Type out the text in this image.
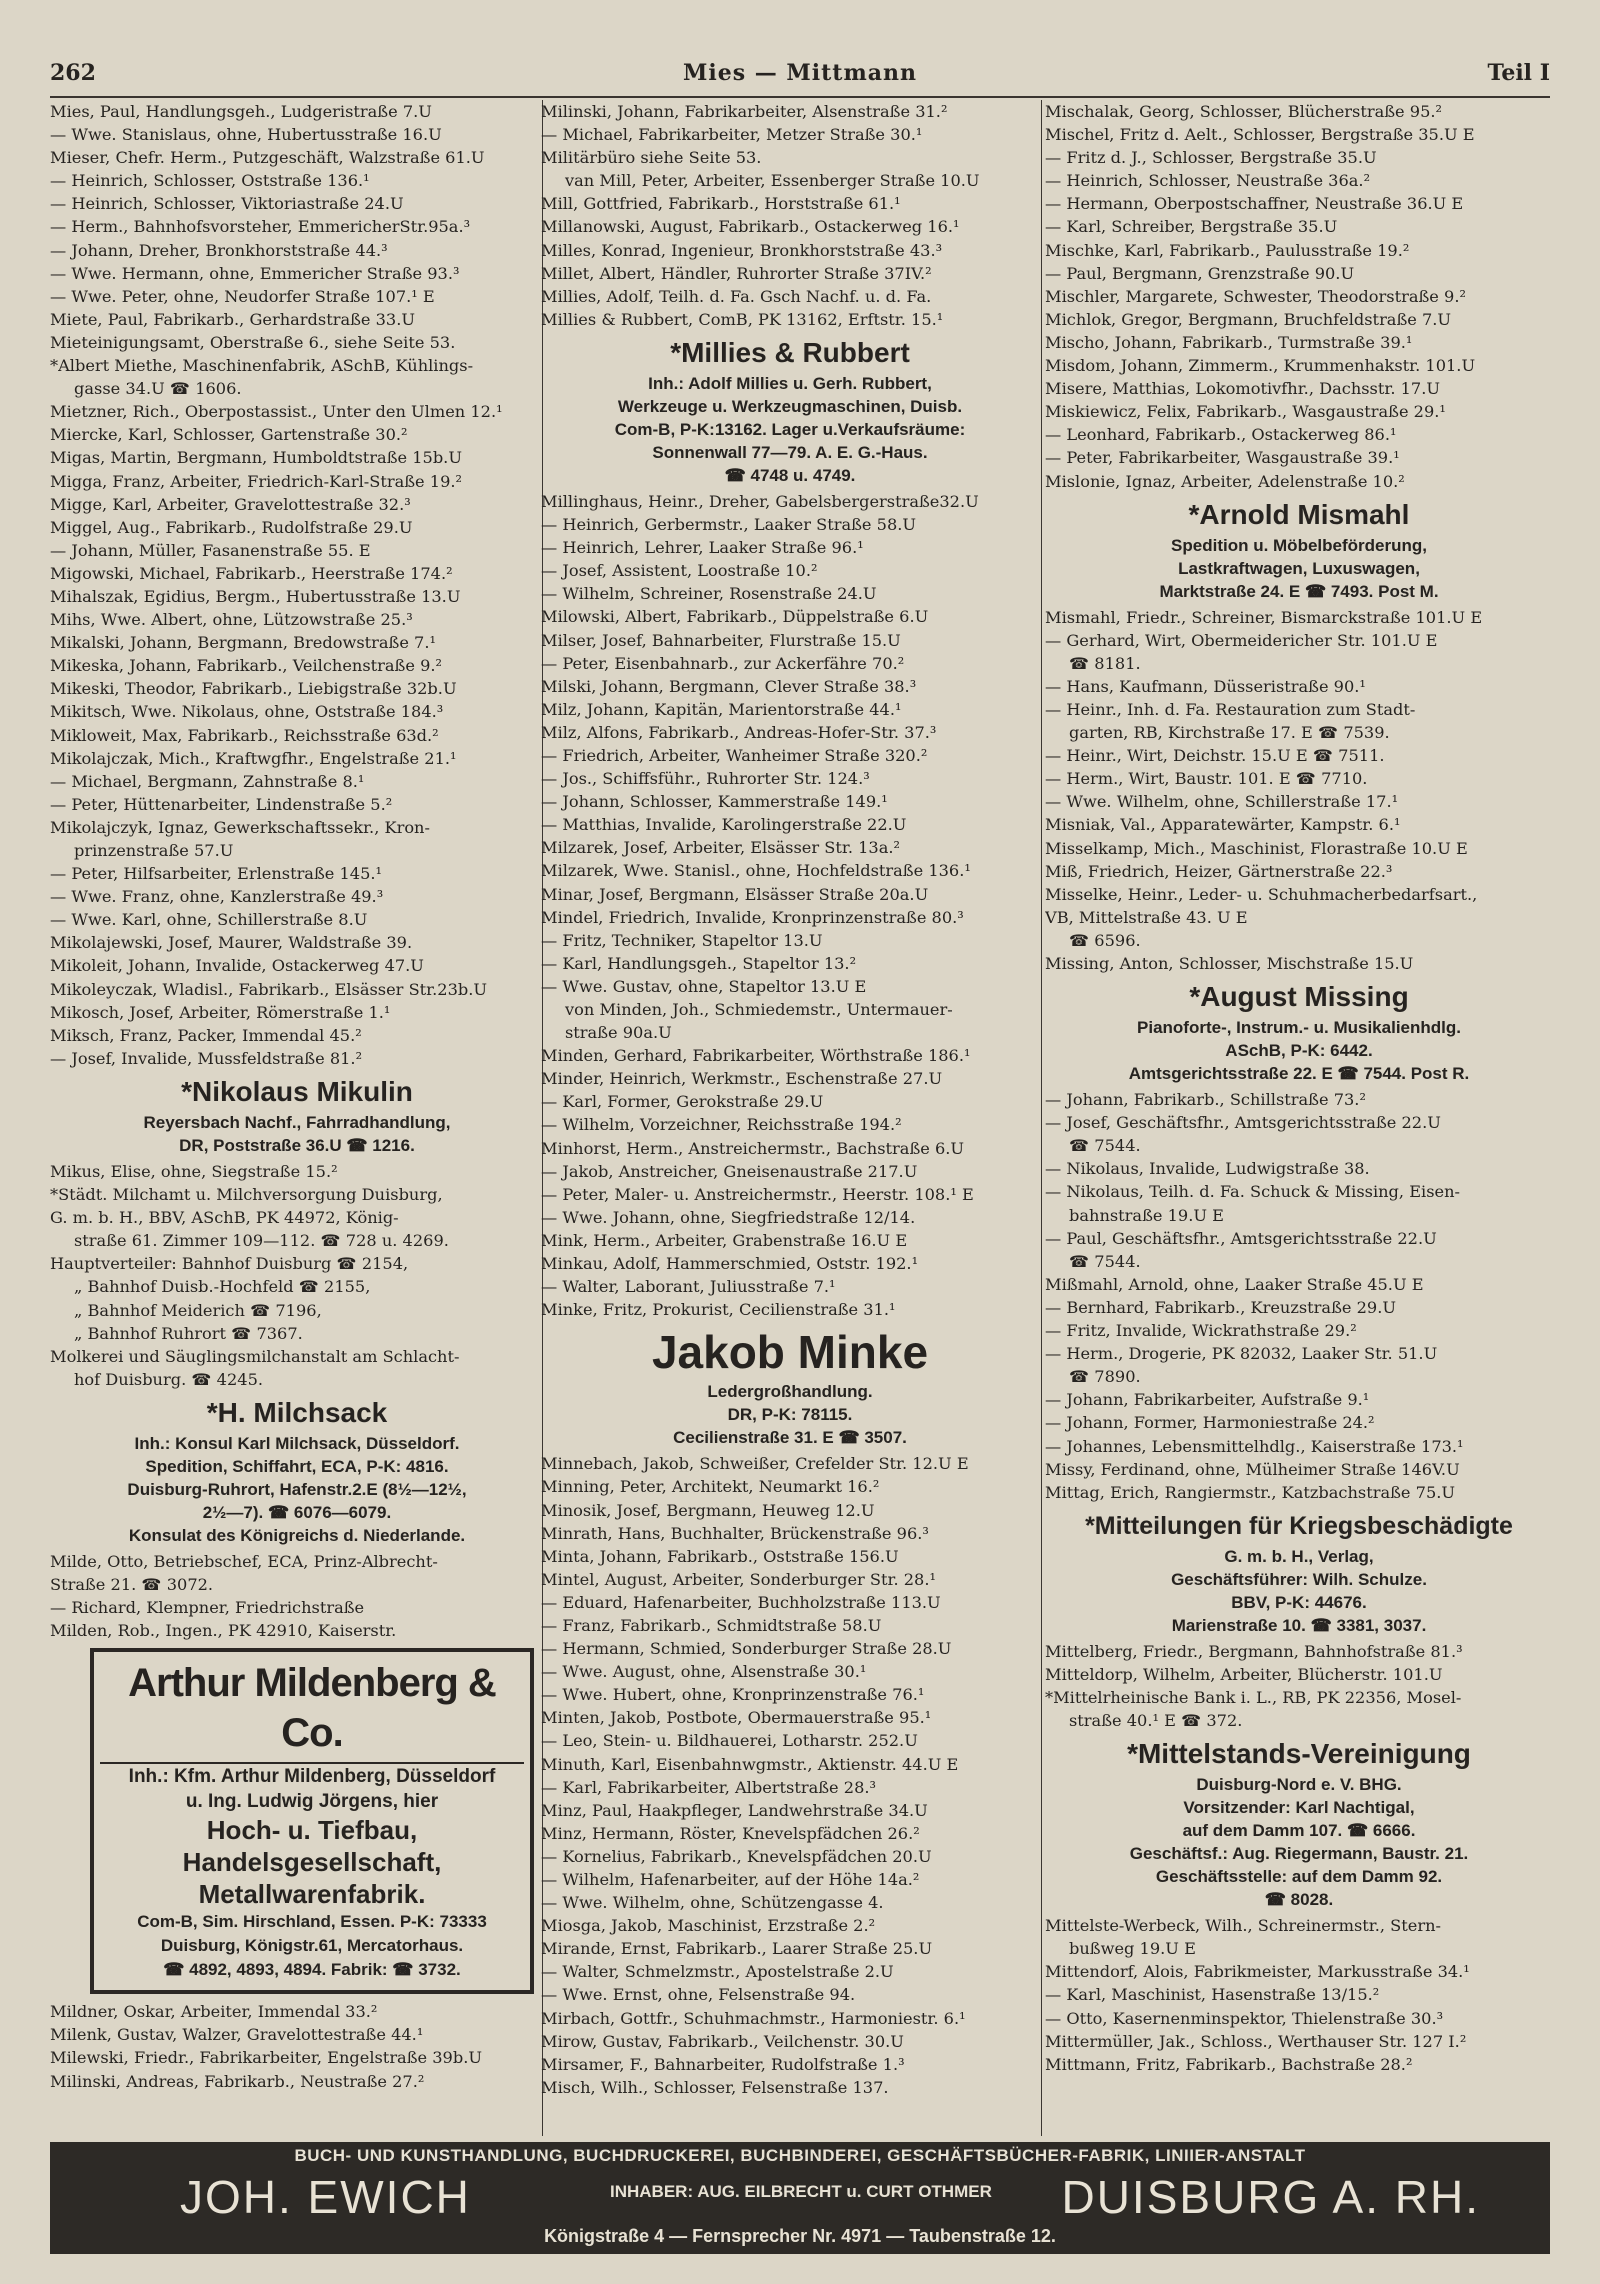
262	Mies — Mittmann	Teil I
Mies, Paul, Handlungsgeh., Ludgeristraße 7.U
— Wwe. Stanislaus, ohne, Hubertusstraße 16.U
Mieser, Chefr. Herm., Putzgeschäft, Walzstraße 61.U
— Heinrich, Schlosser, Oststraße 136.¹
— Heinrich, Schlosser, Viktoriastraße 24.U
— Herm., Bahnhofsvorsteher, EmmericherStr.95a.³
— Johann, Dreher, Bronkhorststraße 44.³
— Wwe. Hermann, ohne, Emmericher Straße 93.³
— Wwe. Peter, ohne, Neudorfer Straße 107.¹ E
Miete, Paul, Fabrikarb., Gerhardstraße 33.U
Mieteinigungsamt, Oberstraße 6., siehe Seite 53.
*Albert Miethe, Maschinenfabrik, ASchB, Kühlings-
gasse 34.U ☎ 1606.
Mietzner, Rich., Oberpostassist., Unter den Ulmen 12.¹
Miercke, Karl, Schlosser, Gartenstraße 30.²
Migas, Martin, Bergmann, Humboldtstraße 15b.U
Migga, Franz, Arbeiter, Friedrich-Karl-Straße 19.²
Migge, Karl, Arbeiter, Gravelottestraße 32.³
Miggel, Aug., Fabrikarb., Rudolfstraße 29.U
— Johann, Müller, Fasanenstraße 55. E
Migowski, Michael, Fabrikarb., Heerstraße 174.²
Mihalszak, Egidius, Bergm., Hubertusstraße 13.U
Mihs, Wwe. Albert, ohne, Lützowstraße 25.³
Mikalski, Johann, Bergmann, Bredowstraße 7.¹
Mikeska, Johann, Fabrikarb., Veilchenstraße 9.²
Mikeski, Theodor, Fabrikarb., Liebigstraße 32b.U
Mikitsch, Wwe. Nikolaus, ohne, Oststraße 184.³
Mikloweit, Max, Fabrikarb., Reichsstraße 63d.²
Mikolajczak, Mich., Kraftwgfhr., Engelstraße 21.¹
— Michael, Bergmann, Zahnstraße 8.¹
— Peter, Hüttenarbeiter, Lindenstraße 5.²
Mikolajczyk, Ignaz, Gewerkschaftssekr., Kron-
prinzenstraße 57.U
— Peter, Hilfsarbeiter, Erlenstraße 145.¹
— Wwe. Franz, ohne, Kanzlerstraße 49.³
— Wwe. Karl, ohne, Schillerstraße 8.U
Mikolajewski, Josef, Maurer, Waldstraße 39.
Mikoleit, Johann, Invalide, Ostackerweg 47.U
Mikoleyczak, Wladisl., Fabrikarb., Elsässer Str.23b.U
Mikosch, Josef, Arbeiter, Römerstraße 1.¹
Miksch, Franz, Packer, Immendal 45.²
— Josef, Invalide, Mussfeldstraße 81.²
*Nikolaus Mikulin
Reyersbach Nachf., Fahrradhandlung,
DR, Poststraße 36.U ☎ 1216.
Mikus, Elise, ohne, Siegstraße 15.²
*Städt. Milchamt u. Milchversorgung Duisburg,
G. m. b. H., BBV, ASchB, PK 44972, König-
straße 61. Zimmer 109—112. ☎ 728 u. 4269.
Hauptverteiler: Bahnhof Duisburg ☎ 2154,
„ Bahnhof Duisb.-Hochfeld ☎ 2155,
„ Bahnhof Meiderich ☎ 7196,
„ Bahnhof Ruhrort ☎ 7367.
Molkerei und Säuglingsmilchanstalt am Schlacht-
hof Duisburg. ☎ 4245.
*H. Milchsack
Inh.: Konsul Karl Milchsack, Düsseldorf.
Spedition, Schiffahrt, ECA, P-K: 4816.
Duisburg-Ruhrort, Hafenstr.2.E (8½—12½,
2½—7). ☎ 6076—6079.
Konsulat des Königreichs d. Niederlande.
Milde, Otto, Betriebschef, ECA, Prinz-Albrecht-
Straße 21. ☎ 3072.
— Richard, Klempner, Friedrichstraße
Milden, Rob., Ingen., PK 42910, Kaiserstr.
Arthur Mildenberg & Co.
Inh.: Kfm. Arthur Mildenberg, Düsseldorf
u. Ing. Ludwig Jörgens, hier
Hoch- u. Tiefbau,
Handelsgesellschaft,
Metallwarenfabrik.
Com-B, Sim. Hirschland, Essen. P-K: 73333
Duisburg, Königstr.61, Mercatorhaus.
☎ 4892, 4893, 4894. Fabrik: ☎ 3732.
Mildner, Oskar, Arbeiter, Immendal 33.²
Milenk, Gustav, Walzer, Gravelottestraße 44.¹
Milewski, Friedr., Fabrikarbeiter, Engelstraße 39b.U
Milinski, Andreas, Fabrikarb., Neustraße 27.²
Milinski, Johann, Fabrikarbeiter, Alsenstraße 31.²
— Michael, Fabrikarbeiter, Metzer Straße 30.¹
Militärbüro siehe Seite 53.
van Mill, Peter, Arbeiter, Essenberger Straße 10.U
Mill, Gottfried, Fabrikarb., Horststraße 61.¹
Millanowski, August, Fabrikarb., Ostackerweg 16.¹
Milles, Konrad, Ingenieur, Bronkhorststraße 43.³
Millet, Albert, Händler, Ruhrorter Straße 37IV.²
Millies, Adolf, Teilh. d. Fa. Gsch Nachf. u. d. Fa.
Millies & Rubbert, ComB, PK 13162, Erftstr. 15.¹
*Millies & Rubbert
Inh.: Adolf Millies u. Gerh. Rubbert,
Werkzeuge u. Werkzeugmaschinen, Duisb.
Com-B, P-K:13162. Lager u.Verkaufsräume:
Sonnenwall 77—79. A. E. G.-Haus.
☎ 4748 u. 4749.
Millinghaus, Heinr., Dreher, Gabelsbergerstraße32.U
— Heinrich, Gerbermstr., Laaker Straße 58.U
— Heinrich, Lehrer, Laaker Straße 96.¹
— Josef, Assistent, Loostraße 10.²
— Wilhelm, Schreiner, Rosenstraße 24.U
Milowski, Albert, Fabrikarb., Düppelstraße 6.U
Milser, Josef, Bahnarbeiter, Flurstraße 15.U
— Peter, Eisenbahnarb., zur Ackerfähre 70.²
Milski, Johann, Bergmann, Clever Straße 38.³
Milz, Johann, Kapitän, Marientorstraße 44.¹
Milz, Alfons, Fabrikarb., Andreas-Hofer-Str. 37.³
— Friedrich, Arbeiter, Wanheimer Straße 320.²
— Jos., Schiffsführ., Ruhrorter Str. 124.³
— Johann, Schlosser, Kammerstraße 149.¹
— Matthias, Invalide, Karolingerstraße 22.U
Milzarek, Josef, Arbeiter, Elsässer Str. 13a.²
Milzarek, Wwe. Stanisl., ohne, Hochfeldstraße 136.¹
Minar, Josef, Bergmann, Elsässer Straße 20a.U
Mindel, Friedrich, Invalide, Kronprinzenstraße 80.³
— Fritz, Techniker, Stapeltor 13.U
— Karl, Handlungsgeh., Stapeltor 13.²
— Wwe. Gustav, ohne, Stapeltor 13.U E
von Minden, Joh., Schmiedemstr., Untermauer-
straße 90a.U
Minden, Gerhard, Fabrikarbeiter, Wörthstraße 186.¹
Minder, Heinrich, Werkmstr., Eschenstraße 27.U
— Karl, Former, Gerokstraße 29.U
— Wilhelm, Vorzeichner, Reichsstraße 194.²
Minhorst, Herm., Anstreichermstr., Bachstraße 6.U
— Jakob, Anstreicher, Gneisenaustraße 217.U
— Peter, Maler- u. Anstreichermstr., Heerstr. 108.¹ E
— Wwe. Johann, ohne, Siegfriedstraße 12/14.
Mink, Herm., Arbeiter, Grabenstraße 16.U E
Minkau, Adolf, Hammerschmied, Oststr. 192.¹
— Walter, Laborant, Juliusstraße 7.¹
Minke, Fritz, Prokurist, Cecilienstraße 31.¹
Jakob Minke
Ledergroßhandlung.
DR, P-K: 78115.
Cecilienstraße 31. E ☎ 3507.
Minnebach, Jakob, Schweißer, Crefelder Str. 12.U E
Minning, Peter, Architekt, Neumarkt 16.²
Minosik, Josef, Bergmann, Heuweg 12.U
Minrath, Hans, Buchhalter, Brückenstraße 96.³
Minta, Johann, Fabrikarb., Oststraße 156.U
Mintel, August, Arbeiter, Sonderburger Str. 28.¹
— Eduard, Hafenarbeiter, Buchholzstraße 113.U
— Franz, Fabrikarb., Schmidtstraße 58.U
— Hermann, Schmied, Sonderburger Straße 28.U
— Wwe. August, ohne, Alsenstraße 30.¹
— Wwe. Hubert, ohne, Kronprinzenstraße 76.¹
Minten, Jakob, Postbote, Obermauerstraße 95.¹
— Leo, Stein- u. Bildhauerei, Lotharstr. 252.U
Minuth, Karl, Eisenbahnwgmstr., Aktienstr. 44.U E
— Karl, Fabrikarbeiter, Albertstraße 28.³
Minz, Paul, Haakpfleger, Landwehrstraße 34.U
Minz, Hermann, Röster, Knevelspfädchen 26.²
— Kornelius, Fabrikarb., Knevelspfädchen 20.U
— Wilhelm, Hafenarbeiter, auf der Höhe 14a.²
— Wwe. Wilhelm, ohne, Schützengasse 4.
Miosga, Jakob, Maschinist, Erzstraße 2.²
Mirande, Ernst, Fabrikarb., Laarer Straße 25.U
— Walter, Schmelzmstr., Apostelstraße 2.U
— Wwe. Ernst, ohne, Felsenstraße 94.
Mirbach, Gottfr., Schuhmachmstr., Harmoniestr. 6.¹
Mirow, Gustav, Fabrikarb., Veilchenstr. 30.U
Mirsamer, F., Bahnarbeiter, Rudolfstraße 1.³
Misch, Wilh., Schlosser, Felsenstraße 137.
Mischalak, Georg, Schlosser, Blücherstraße 95.²
Mischel, Fritz d. Aelt., Schlosser, Bergstraße 35.U E
— Fritz d. J., Schlosser, Bergstraße 35.U
— Heinrich, Schlosser, Neustraße 36a.²
— Hermann, Oberpostschaffner, Neustraße 36.U E
— Karl, Schreiber, Bergstraße 35.U
Mischke, Karl, Fabrikarb., Paulusstraße 19.²
— Paul, Bergmann, Grenzstraße 90.U
Mischler, Margarete, Schwester, Theodorstraße 9.²
Michlok, Gregor, Bergmann, Bruchfeldstraße 7.U
Mischo, Johann, Fabrikarb., Turmstraße 39.¹
Misdom, Johann, Zimmerm., Krummenhakstr. 101.U
Misere, Matthias, Lokomotivfhr., Dachsstr. 17.U
Miskiewicz, Felix, Fabrikarb., Wasgaustraße 29.¹
— Leonhard, Fabrikarb., Ostackerweg 86.¹
— Peter, Fabrikarbeiter, Wasgaustraße 39.¹
Mislonie, Ignaz, Arbeiter, Adelenstraße 10.²
*Arnold Mismahl
Spedition u. Möbelbeförderung,
Lastkraftwagen, Luxuswagen,
Marktstraße 24. E ☎ 7493. Post M.
Mismahl, Friedr., Schreiner, Bismarckstraße 101.U E
— Gerhard, Wirt, Obermeidericher Str. 101.U E
☎ 8181.
— Hans, Kaufmann, Düsseristraße 90.¹
— Heinr., Inh. d. Fa. Restauration zum Stadt-
garten, RB, Kirchstraße 17. E ☎ 7539.
— Heinr., Wirt, Deichstr. 15.U E ☎ 7511.
— Herm., Wirt, Baustr. 101. E ☎ 7710.
— Wwe. Wilhelm, ohne, Schillerstraße 17.¹
Misniak, Val., Apparatewärter, Kampstr. 6.¹
Misselkamp, Mich., Maschinist, Florastraße 10.U E
Miß, Friedrich, Heizer, Gärtnerstraße 22.³
Misselke, Heinr., Leder- u. Schuhmacherbedarfsart.,
VB, Mittelstraße 43. U E
☎ 6596.
Missing, Anton, Schlosser, Mischstraße 15.U
*August Missing
Pianoforte-, Instrum.- u. Musikalienhdlg.
ASchB, P-K: 6442.
Amtsgerichtsstraße 22. E ☎ 7544. Post R.
— Johann, Fabrikarb., Schillstraße 73.²
— Josef, Geschäftsfhr., Amtsgerichtsstraße 22.U
☎ 7544.
— Nikolaus, Invalide, Ludwigstraße 38.
— Nikolaus, Teilh. d. Fa. Schuck & Missing, Eisen-
bahnstraße 19.U E
— Paul, Geschäftsfhr., Amtsgerichtsstraße 22.U
☎ 7544.
Mißmahl, Arnold, ohne, Laaker Straße 45.U E
— Bernhard, Fabrikarb., Kreuzstraße 29.U
— Fritz, Invalide, Wickrathstraße 29.²
— Herm., Drogerie, PK 82032, Laaker Str. 51.U
☎ 7890.
— Johann, Fabrikarbeiter, Aufstraße 9.¹
— Johann, Former, Harmoniestraße 24.²
— Johannes, Lebensmittelhdlg., Kaiserstraße 173.¹
Missy, Ferdinand, ohne, Mülheimer Straße 146V.U
Mittag, Erich, Rangiermstr., Katzbachstraße 75.U
*Mitteilungen für Kriegsbeschädigte
G. m. b. H., Verlag,
Geschäftsführer: Wilh. Schulze.
BBV, P-K: 44676.
Marienstraße 10. ☎ 3381, 3037.
Mittelberg, Friedr., Bergmann, Bahnhofstraße 81.³
Mitteldorp, Wilhelm, Arbeiter, Blücherstr. 101.U
*Mittelrheinische Bank i. L., RB, PK 22356, Mosel-
straße 40.¹ E ☎ 372.
*Mittelstands-Vereinigung
Duisburg-Nord e. V. BHG.
Vorsitzender: Karl Nachtigal,
auf dem Damm 107. ☎ 6666.
Geschäftsf.: Aug. Riegermann, Baustr. 21.
Geschäftsstelle: auf dem Damm 92.
☎ 8028.
Mittelste-Werbeck, Wilh., Schreinermstr., Stern-
bußweg 19.U E
Mittendorf, Alois, Fabrikmeister, Markusstraße 34.¹
— Karl, Maschinist, Hasenstraße 13/15.²
— Otto, Kasernenminspektor, Thielenstraße 30.³
Mittermüller, Jak., Schloss., Werthauser Str. 127 I.²
Mittmann, Fritz, Fabrikarb., Bachstraße 28.²
BUCH- UND KUNSTHANDLUNG, BUCHDRUCKEREI, BUCHBINDEREI, GESCHÄFTSBÜCHER-FABRIK, LINIIER-ANSTALT
JOH. EWICH	INHABER: AUG. EILBRECHT u. CURT OTHMER DUISBURG A. RH.
Königstraße 4 — Fernsprecher Nr. 4971 — Taubenstraße 12.
